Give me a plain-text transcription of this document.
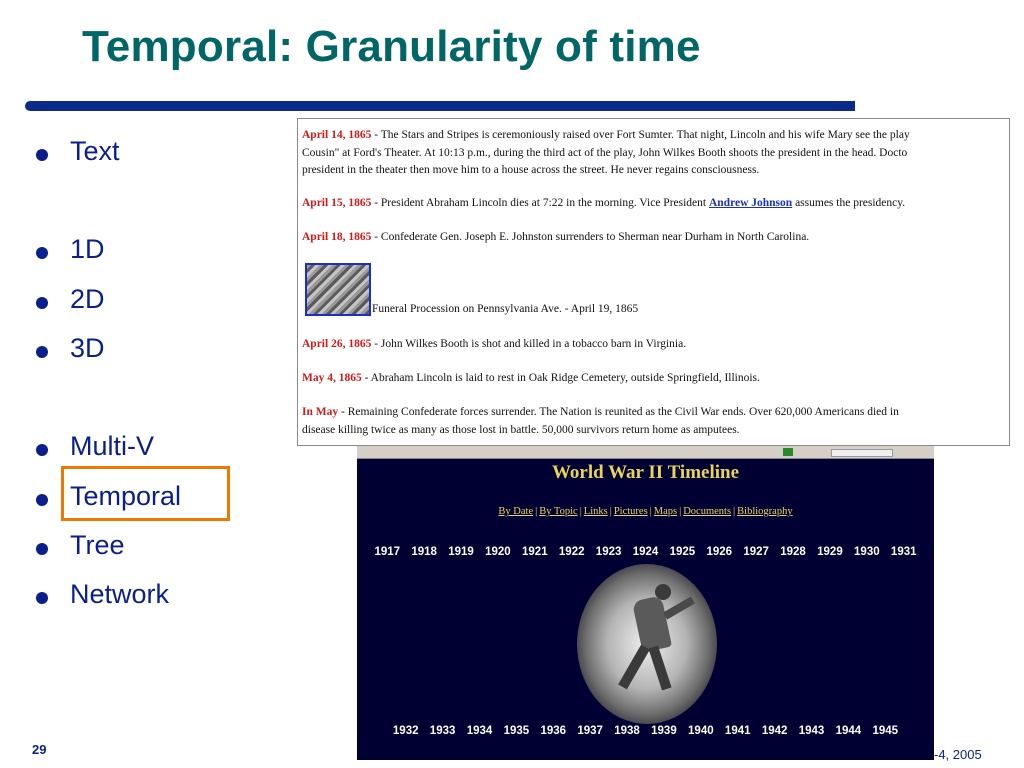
Temporal: Granularity of time
Text
1D
2D
3D
Multi-V
Temporal
Tree
Network
April 14, 1865 - The Stars and Stripes is ceremoniously raised over Fort Sumter. That night, Lincoln and his wife Mary see the play
Cousin" at Ford's Theater. At 10:13 p.m., during the third act of the play, John Wilkes Booth shoots the president in the head. Docto
president in the theater then move him to a house across the street. He never regains consciousness.
April 15, 1865 - President Abraham Lincoln dies at 7:22 in the morning. Vice President Andrew Johnson assumes the presidency.
April 18, 1865 - Confederate Gen. Joseph E. Johnston surrenders to Sherman near Durham in North Carolina.
Funeral Procession on Pennsylvania Ave. - April 19, 1865
April 26, 1865 - John Wilkes Booth is shot and killed in a tobacco barn in Virginia.
May 4, 1865 - Abraham Lincoln is laid to rest in Oak Ridge Cemetery, outside Springfield, Illinois.
In May - Remaining Confederate forces surrender. The Nation is reunited as the Civil War ends. Over 620,000 Americans died in
disease killing twice as many as those lost in battle. 50,000 survivors return home as amputees.
World War II Timeline
By Date | By Topic | Links | Pictures | Maps | Documents | Bibliography
1917 1918 1919 1920 1921 1922 1923 1924 1925 1926 1927 1928 1929 1930 1931
1932 1933 1934 1935 1936 1937 1938 1939 1940 1941 1942 1943 1944 1945
29	-4, 2005
